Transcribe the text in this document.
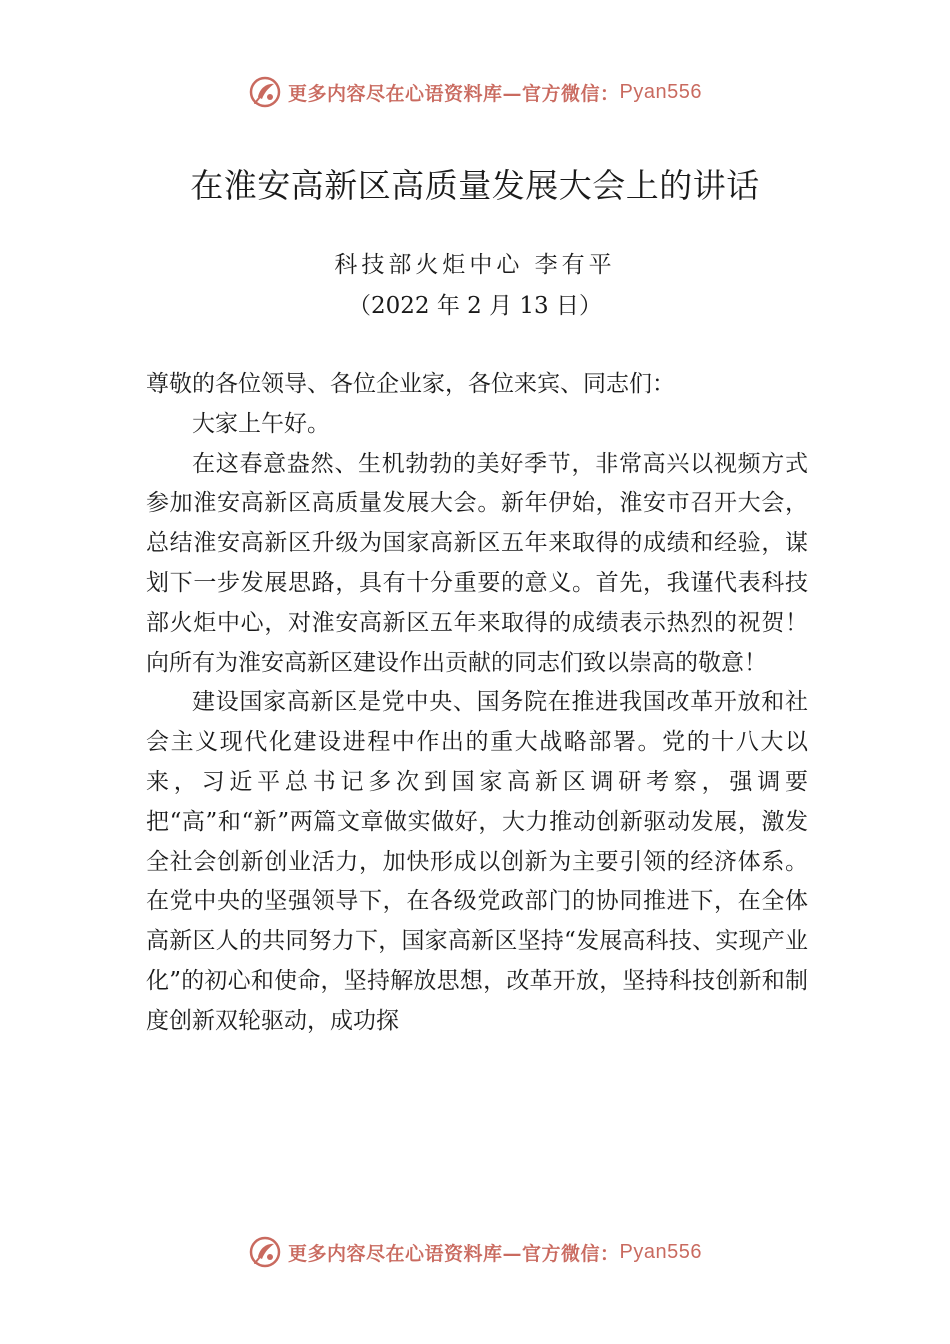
更多内容尽在心语资料库—官方微信： Pyan556
在淮安高新区高质量发展大会上的讲话
科技部火炬中心 李有平
（2022 年 2 月 13 日）

尊敬的各位领导、各位企业家，各位来宾、同志们：

大家上午好。

在这春意盎然、生机勃勃的美好季节，非常高兴以视频方式参加淮安高新区高质量发展大会。新年伊始，淮安市召开大会，总结淮安高新区升级为国家高新区五年来取得的成绩和经验，谋划下一步发展思路，具有十分重要的意义。首先，我谨代表科技部火炬中心，对淮安高新区五年来取得的成绩表示热烈的祝贺！向所有为淮安高新区建设作出贡献的同志们致以崇高的敬意！

建设国家高新区是党中央、国务院在推进我国改革开放和社会主义现代化建设进程中作出的重大战略部署。党的十八大以来，习近平总书记多次到国家高新区调研考察，强调要把“高”和“新”两篇文章做实做好，大力推动创新驱动发展，激发全社会创新创业活力，加快形成以创新为主要引领的经济体系。在党中央的坚强领导下，在各级党政部门的协同推进下，在全体高新区人的共同努力下，国家高新区坚持“发展高科技、实现产业化”的初心和使命，坚持解放思想，改革开放，坚持科技创新和制度创新双轮驱动，成功探

更多内容尽在心语资料库—官方微信： Pyan556
